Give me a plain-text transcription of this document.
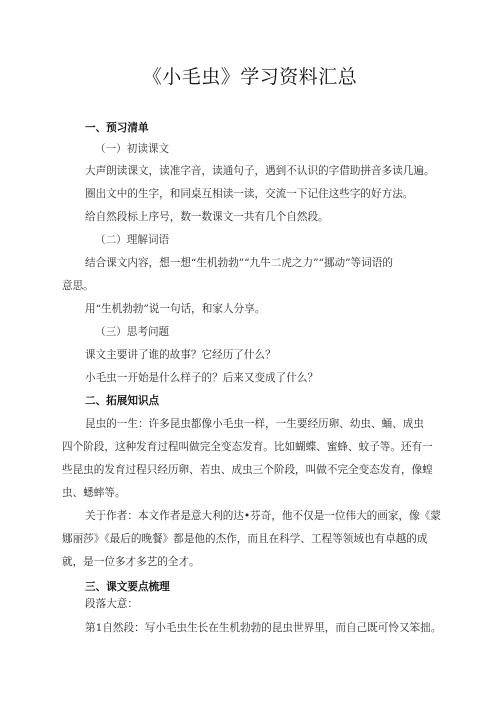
《小毛虫》学习资料汇总
一、预习清单
（一）初读课文
大声朗读课文，读准字音，读通句子，遇到不认识的字借助拼音多读几遍。
圈出文中的生字，和同桌互相读一读，交流一下记住这些字的好方法。
给自然段标上序号，数一数课文一共有几个自然段。
（二）理解词语
结合课文内容，想一想“生机勃勃”“九牛二虎之力”“挪动”等词语的
意思。
用“生机勃勃”说一句话，和家人分享。
（三）思考问题
课文主要讲了谁的故事？它经历了什么？
小毛虫一开始是什么样子的？后来又变成了什么？
二、拓展知识点
昆虫的一生：许多昆虫都像小毛虫一样，一生要经历卵、幼虫、蛹、成虫
四个阶段，这种发育过程叫做完全变态发育。比如蝴蝶、蜜蜂、蚊子等。还有一
些昆虫的发育过程只经历卵、若虫、成虫三个阶段，叫做不完全变态发育，像蝗
虫、蟋蟀等。
关于作者：本文作者是意大利的达•芬奇，他不仅是一位伟大的画家，像《蒙
娜丽莎》《最后的晚餐》都是他的杰作，而且在科学、工程等领域也有卓越的成
就，是一位多才多艺的全才。
三、课文要点梳理
段落大意：
第1自然段：写小毛虫生长在生机勃勃的昆虫世界里，而自己既可怜又笨拙。
